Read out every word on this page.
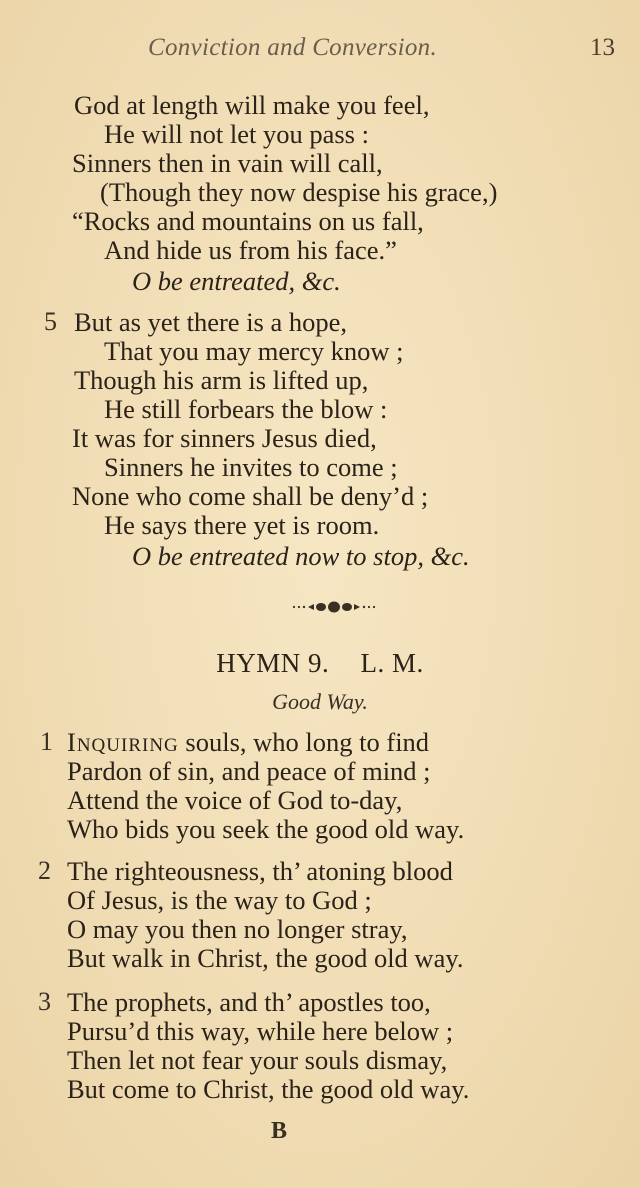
Conviction and Conversion.	13
God at length will make you feel,
He will not let you pass :
Sinners then in vain will call,
(Though they now despise his grace,)
“Rocks and mountains on us fall,
And hide us from his face.”
O be entreated, &c.
5 But as yet there is a hope,
That you may mercy know ;
Though his arm is lifted up,
He still forbears the blow :
It was for sinners Jesus died,
Sinners he invites to come ;
None who come shall be deny’d ;
He says there yet is room.
O be entreated now to stop, &c.
HYMN 9. L. M.
Good Way.
1 Inquiring souls, who long to find
Pardon of sin, and peace of mind ;
Attend the voice of God to-day,
Who bids you seek the good old way.
2 The righteousness, th’ atoning blood
Of Jesus, is the way to God ;
O may you then no longer stray,
But walk in Christ, the good old way.
3 The prophets, and th’ apostles too,
Pursu’d this way, while here below ;
Then let not fear your souls dismay,
But come to Christ, the good old way.
B
